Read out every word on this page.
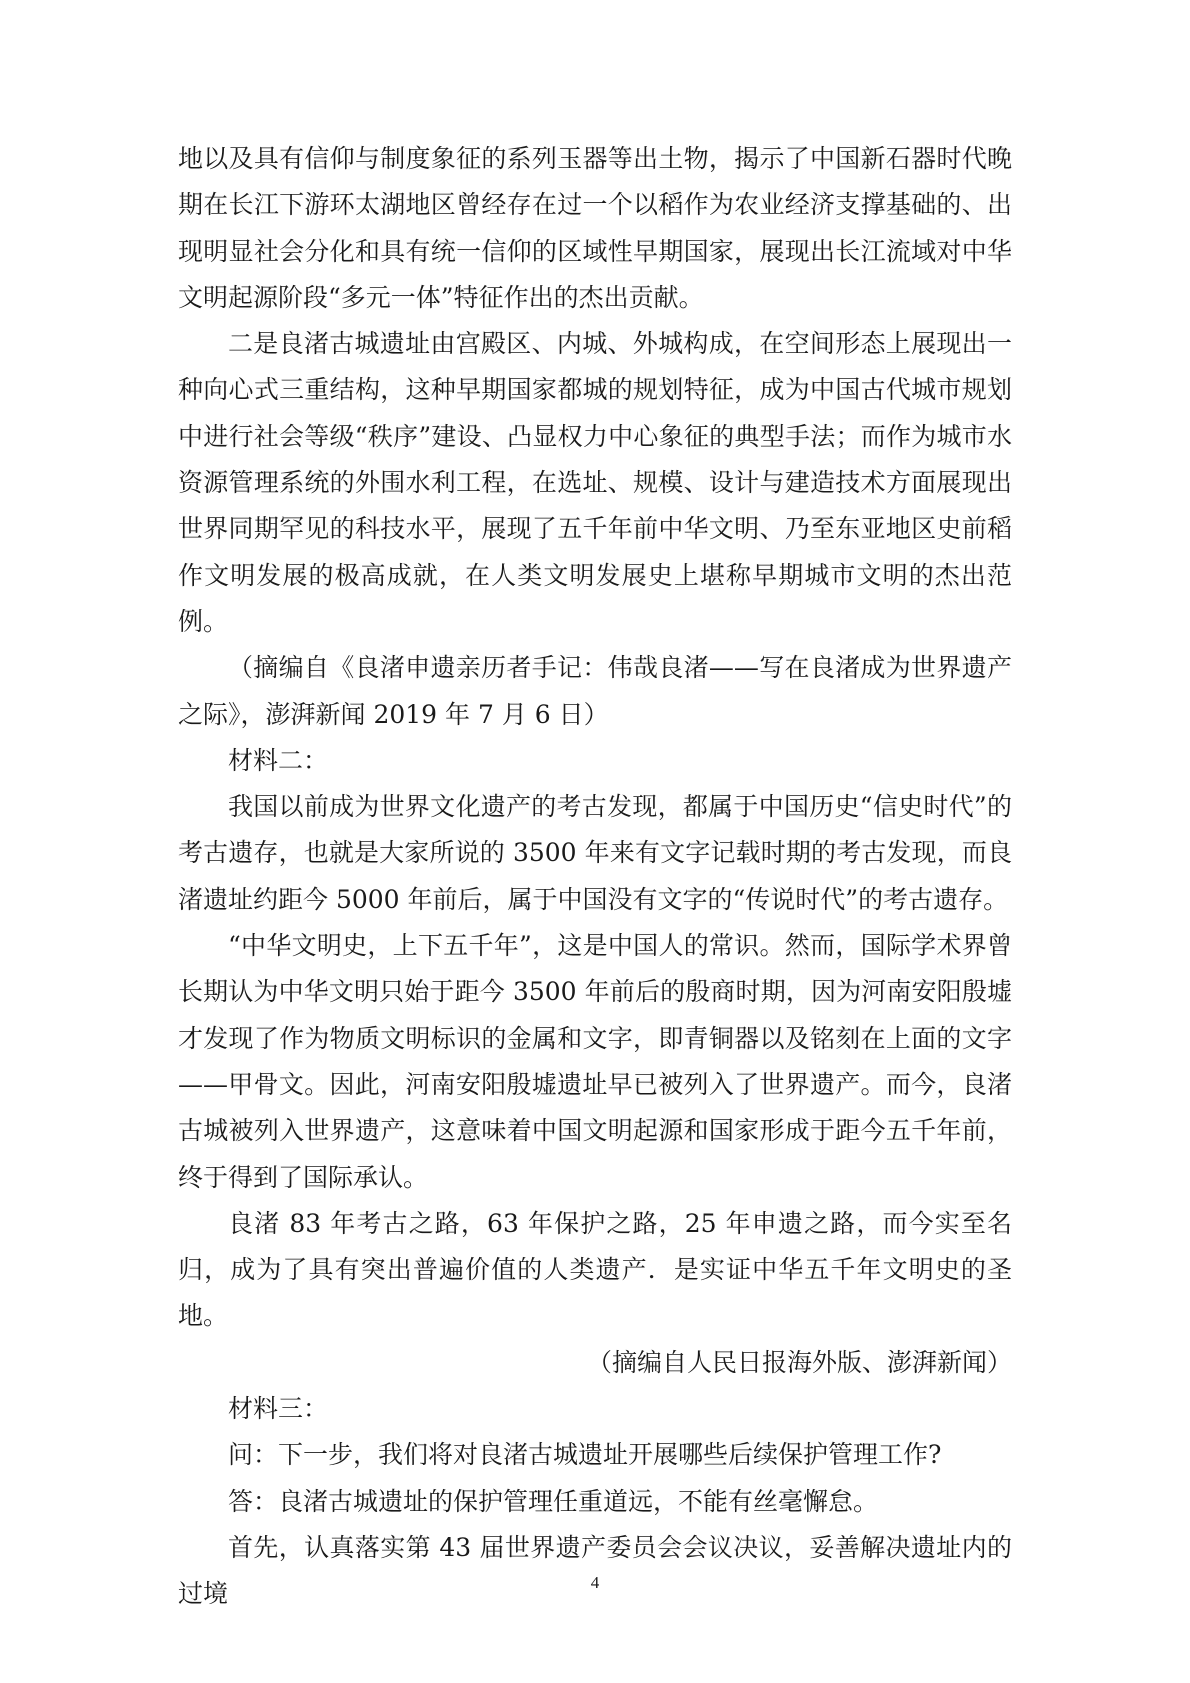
地以及具有信仰与制度象征的系列玉器等出土物，揭示了中国新石器时代晚期在长江下游环太湖地区曾经存在过一个以稻作为农业经济支撑基础的、出现明显社会分化和具有统一信仰的区域性早期国家，展现出长江流域对中华文明起源阶段“多元一体”特征作出的杰出贡献。

二是良渚古城遗址由宫殿区、内城、外城构成，在空间形态上展现出一种向心式三重结构，这种早期国家都城的规划特征，成为中国古代城市规划中进行社会等级“秩序”建设、凸显权力中心象征的典型手法；而作为城市水资源管理系统的外围水利工程，在选址、规模、设计与建造技术方面展现出世界同期罕见的科技水平，展现了五千年前中华文明、乃至东亚地区史前稻作文明发展的极高成就，在人类文明发展史上堪称早期城市文明的杰出范例。

（摘编自《良渚申遗亲历者手记：伟哉良渚——写在良渚成为世界遗产之际》，澎湃新闻 2019 年 7 月 6 日）

材料二：

我国以前成为世界文化遗产的考古发现，都属于中国历史“信史时代”的考古遗存，也就是大家所说的 3500 年来有文字记载时期的考古发现，而良渚遗址约距今 5000 年前后，属于中国没有文字的“传说时代”的考古遗存。

“中华文明史，上下五千年”，这是中国人的常识。然而，国际学术界曾长期认为中华文明只始于距今 3500 年前后的殷商时期，因为河南安阳殷墟才发现了作为物质文明标识的金属和文字，即青铜器以及铭刻在上面的文字——甲骨文。因此，河南安阳殷墟遗址早已被列入了世界遗产。而今，良渚古城被列入世界遗产，这意味着中国文明起源和国家形成于距今五千年前，终于得到了国际承认。

良渚 83 年考古之路，63 年保护之路，25 年申遗之路，而今实至名归，成为了具有突出普遍价值的人类遗产．是实证中华五千年文明史的圣地。

（摘编自人民日报海外版、澎湃新闻）

材料三：

问：下一步，我们将对良渚古城遗址开展哪些后续保护管理工作?

答：良渚古城遗址的保护管理任重道远，不能有丝毫懈怠。

首先，认真落实第 43 届世界遗产委员会会议决议，妥善解决遗址内的过境	4
